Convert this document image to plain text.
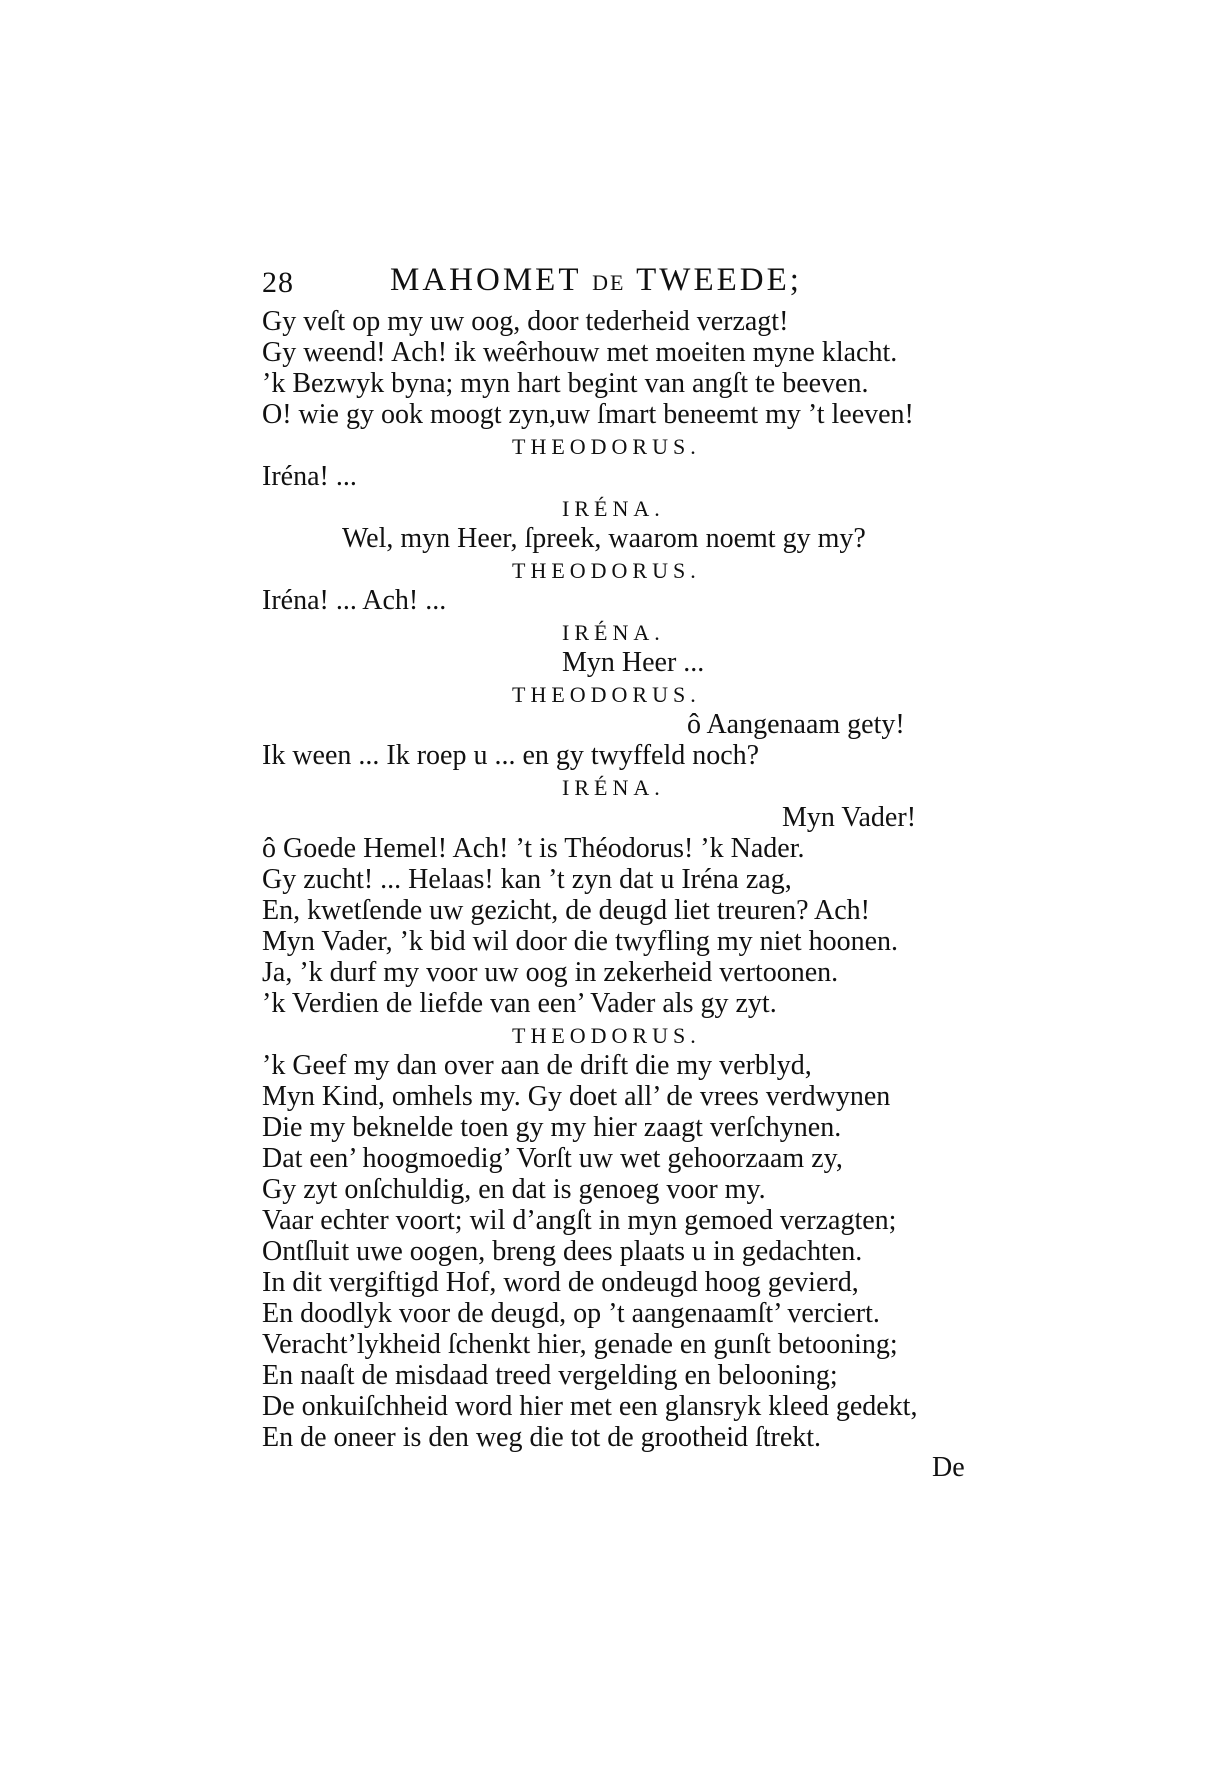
28	MAHOMET DE TWEEDE;
Gy veſt op my uw oog, door tederheid verzagt!
Gy weend! Ach! ik weêrhouw met moeiten myne klacht.
’k Bezwyk byna; myn hart begint van angſt te beeven.
O! wie gy ook moogt zyn,uw ſmart beneemt my ’t leeven!
THEODORUS.
Iréna! ...
IRÉNA.
Wel, myn Heer, ſpreek, waarom noemt gy my?
THEODORUS.
Iréna! ... Ach! ...
IRÉNA.
Myn Heer ...
THEODORUS.
ô Aangenaam gety!
Ik ween ... Ik roep u ... en gy twyffeld noch?
IRÉNA.
Myn Vader!
ô Goede Hemel! Ach! ’t is Théodorus! ’k Nader.
Gy zucht! ... Helaas! kan ’t zyn dat u Iréna zag,
En, kwetſende uw gezicht, de deugd liet treuren? Ach!
Myn Vader, ’k bid wil door die twyfling my niet hoonen.
Ja, ’k durf my voor uw oog in zekerheid vertoonen.
’k Verdien de liefde van een’ Vader als gy zyt.
THEODORUS.
’k Geef my dan over aan de drift die my verblyd,
Myn Kind, omhels my. Gy doet all’ de vrees verdwynen
Die my beknelde toen gy my hier zaagt verſchynen.
Dat een’ hoogmoedig’ Vorſt uw wet gehoorzaam zy,
Gy zyt onſchuldig, en dat is genoeg voor my.
Vaar echter voort; wil d’angſt in myn gemoed verzagten;
Ontſluit uwe oogen, breng dees plaats u in gedachten.
In dit vergiftigd Hof, word de ondeugd hoog gevierd,
En doodlyk voor de deugd, op ’t aangenaamſt’ verciert.
Veracht’lykheid ſchenkt hier, genade en gunſt betooning;
En naaſt de misdaad treed vergelding en belooning;
De onkuiſchheid word hier met een glansryk kleed gedekt,
En de oneer is den weg die tot de grootheid ſtrekt.
De
